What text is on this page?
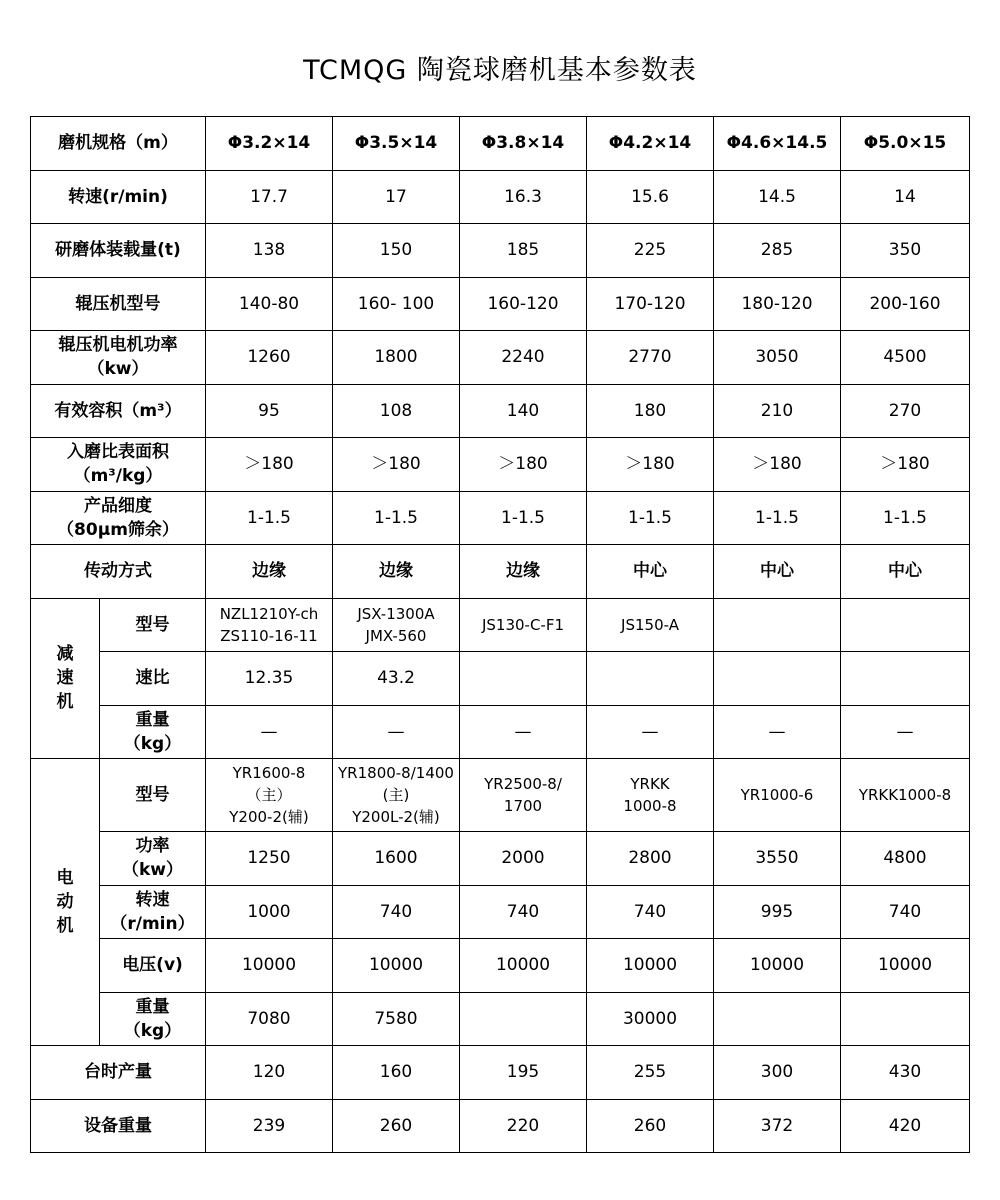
TCMQG 陶瓷球磨机基本参数表
磨机规格（m）		Φ3.2×14	Φ3.5×14	Φ3.8×14	Φ4.2×14	Φ4.6×14.5	Φ5.0×15

转速(r/min)		17.7	17	16.3	15.6	14.5	14

研磨体装载量(t)		138	150	185	225	285	350

辊压机型号		140-80	160- 100	160-120	170-120	180-120	200-160

辊压机电机功率
（kw）		1260	1800	2240	2770	3050	4500

有效容积（m³）		95	108	140	180	210	270

入磨比表面积
（m³/kg）		＞180	＞180	＞180	＞180	＞180	＞180

产品细度
（80μm筛余）		1-1.5	1-1.5	1-1.5	1-1.5	1-1.5	1-1.5

传动方式		边缘	边缘	边缘	中心	中心	中心

减
速
机	型号	NZL1210Y-ch
ZS110-16-11	JSX-1300A
JMX-560	JS130-C-F1	JS150-A		

	速比	12.35	43.2				

	重量
（kg）	—	—	—	—	—	—

电
动
机	型号	YR1600-8
（主）
Y200-2(辅)	YR1800-8/1400
(主)
Y200L-2(辅)	YR2500-8/
1700	YRKK
1000-8	YR1000-6	YRKK1000-8

	功率
（kw）	1250	1600	2000	2800	3550	4800

	转速
（r/min）	1000	740	740	740	995	740

	电压(v)	10000	10000	10000	10000	10000	10000

	重量
（kg）	7080	7580		30000		

台时产量		120	160	195	255	300	430

设备重量		239	260	220	260	372	420
